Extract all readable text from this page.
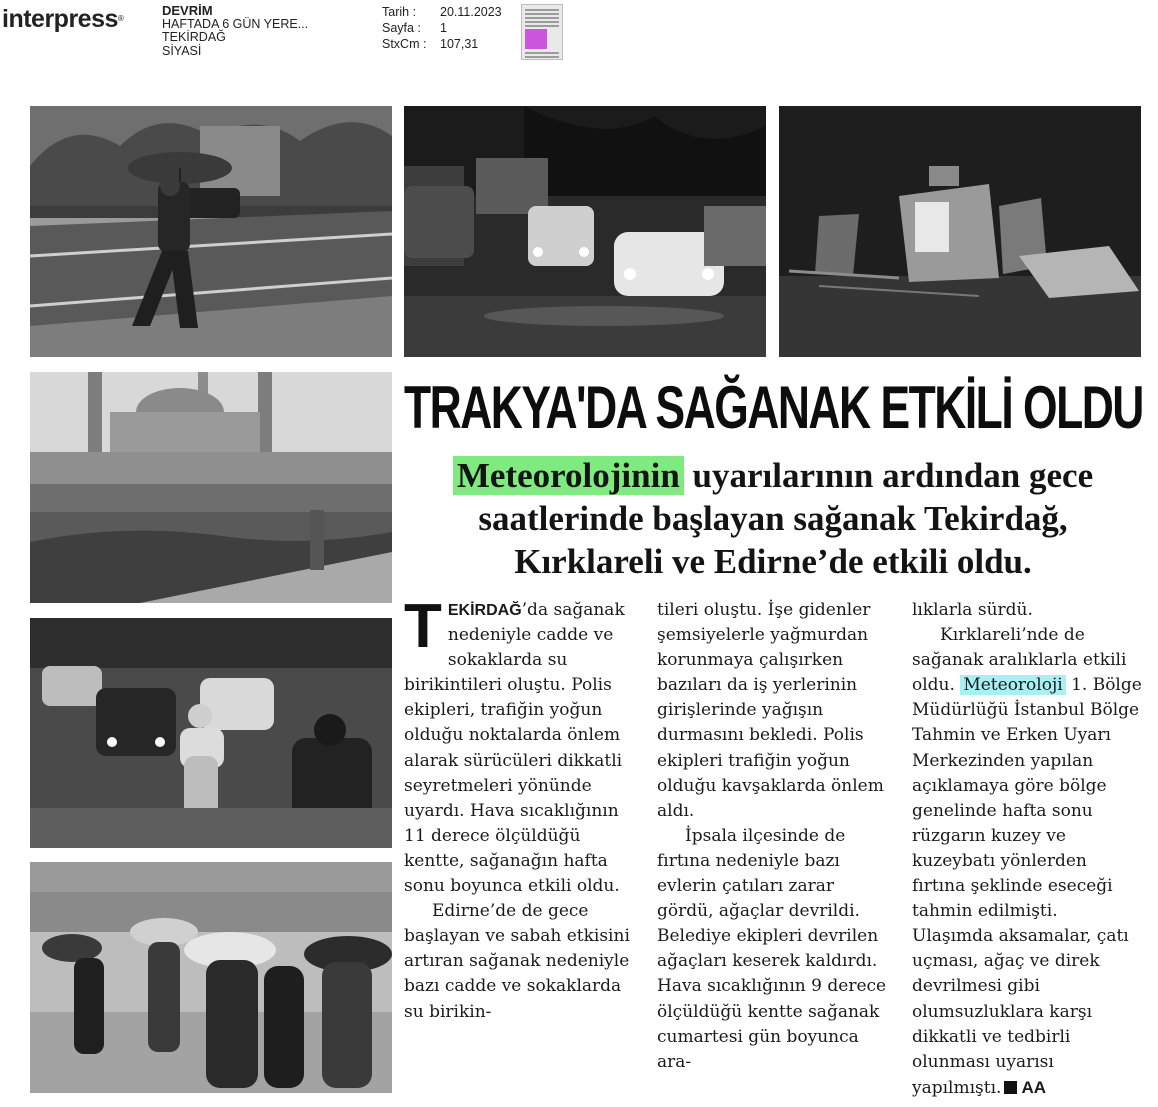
interpress®
DEVRİM
HAFTADA 6 GÜN YERE...
TEKİRDAĞ
SİYASİ
Tarih :	20.11.2023
Sayfa :	1
StxCm :	107,31
TRAKYA'DA SAĞANAK ETKİLİ OLDU
Meteorolojinin uyarılarının ardından gece saatlerinde başlayan sağanak Tekirdağ, Kırklareli ve Edirne’de etkili oldu.

TEKİRDAĞ’da sağanak nedeniyle cadde ve sokaklarda su birikintileri oluştu. Polis ekipleri, trafiğin yoğun olduğu noktalarda önlem alarak sürücüleri dikkatli seyretmeleri yönünde uyardı. Hava sıcaklığının 11 derece ölçüldüğü kentte, sağanağın hafta sonu boyunca etkili oldu.

Edirne’de de gece başlayan ve sabah etkisini artıran sağanak nedeniyle bazı cadde ve sokaklarda su birikin-

tileri oluştu. İşe gidenler şemsiyelerle yağmurdan korunmaya çalışırken bazıları da iş yerlerinin girişlerinde yağışın durmasını bekledi. Polis ekipleri trafiğin yoğun olduğu kavşaklarda önlem aldı.

İpsala ilçesinde de fırtına nedeniyle bazı evlerin çatıları zarar gördü, ağaçlar devrildi. Belediye ekipleri devrilen ağaçları keserek kaldırdı. Hava sıcaklığının 9 derece ölçüldüğü kentte sağanak cumartesi gün boyunca ara-

lıklarla sürdü.

Kırklareli’nde de sağanak aralıklarla etkili oldu. Meteoroloji 1. Bölge Müdürlüğü İstanbul Bölge Tahmin ve Erken Uyarı Merkezinden yapılan açıklamaya göre bölge genelinde hafta sonu rüzgarın kuzey ve kuzeybatı yönlerden fırtına şeklinde eseceği tahmin edilmişti. Ulaşımda aksamalar, çatı uçması, ağaç ve direk devrilmesi gibi olumsuzluklara karşı dikkatli ve tedbirli olunması uyarısı yapılmıştı. AA
